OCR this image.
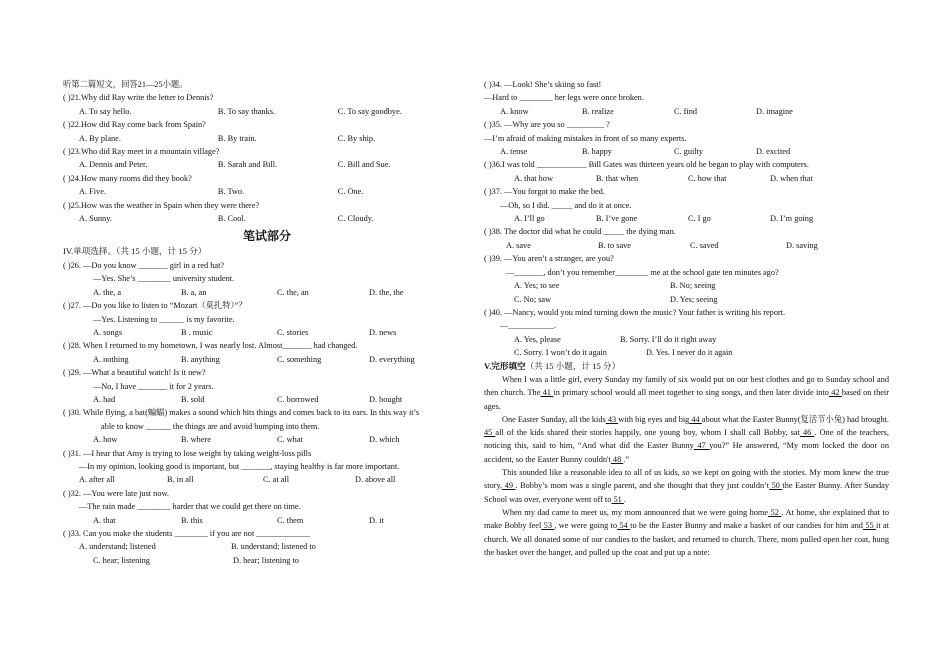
听第二篇短文，回答21—25小题。
( )21.Why did Ray write the letter to Dennis?
A. To say hello.	B. To say thanks.	C. To say goodbye.
( )22.How did Ray come back from Spain?
A. By plane.	B. By train.	C. By ship.
( )23.Who did Ray meet in a mountain village?
A. Dennis and Peter.	B. Sarah and Bill.	C. Bill and Sue.
( )24.How many rooms did they book?
A. Five.	B. Two.	C. One.
( )25.How was the weather in Spain when they were there?
A. Sunny.	B. Cool.	C. Cloudy.
笔试部分
IV.单项选择。（共 15 小题，计 15 分）
( )26. —Do you know _______ girl in a red hat?
—Yes. She’s ________ university student.
A. the, a	B. a, an	C. the, an	D. the, the
( )27. —Do you like to listen to “Mozart（莫扎特）”？
—Yes. Listening to ______ is my favorite.
A. songs	B . music	C. stories	D. news
( )28. When I returned to my hometown, I was nearly lost. Almost_______ had changed.
A. nothing	B. anything	C. something	D. everything
( )29. —What a beautiful watch! Is it new?
—No, I have _______ it for 2 years.
A. had	B. sold	C. borrowed	D. bought
( )30. While flying, a bat(蝙蝠) makes a sound which hits things and comes back to its ears. In this way it’s
able to know ______ the things are and avoid bumping into them.
A. how	B. where	C. what	D. which
( )31. —I hear that Amy is trying to lose weight by taking weight-loss pills
—In my opinion, looking good is important, but _______, staying healthy is far more important.
A. after all	B. in all	C. at all	D. above all
( )32. —You were late just now.
—The rain made ________ harder that we could get there on time.
A. that	B. this	C. them	D. it
( )33. Can you make the students ________ if you are not _____________
A. understand; listened	B. understand; listened to
C. hear; listening	D. hear; listening to
( )34. —Look! She’s skiing so fast!
—Hard to ________ her legs were once broken.
A. know	B. realize	C. find	D. imagine
( )35. —Why are you so _________ ?
—I’m afraid of making mistakes in front of so many experts.
A. tense	B. happy	C. guilty	D. excited
( )36.I was told ____________ Bill Gates was thirteen years old he began to play with computers.
A. that how	B. that when	C. how that	D. when that
( )37. —You forgot to make the bed.
—Oh, so I did. _____ and do it at once.
A. I’ll go	B. I’ve gone	C. I go	D. I’m going
( )38. The doctor did what he could _____ the dying man.
A. save	B. to save	C. saved	D. saving
( )39. —You aren’t a stranger, are you?
—_______, don’t you remember________ me at the school gate ten minutes ago?
A. Yes; to see	B. No; seeing
C. No; saw	D. Yes; seeing
( )40. —Nancy, would you mind turning down the music? Your father is writing his report.
—___________.
A. Yes, please	B. Sorry. I’ll do it right away
C. Sorry. I won’t do it again	D. Yes. I never do it again
V.完形填空（共 15 小题，计 15 分）
When I was a little girl, every Sunday my family of six would put on our best clothes and go to Sunday school and then church. The 41 in primary school would all meet together to sing songs, and then later divide into 42 based on their ages.
One Easter Sunday, all the kids 43 with big eyes and big 44 about what the Easter Bunny(复活节小兔) had brought. 45 all of the kids shared their stories happily, one young boy, whom I shall call Bobby, sat 46 . One of the teachers, noticing this, said to him, “And what did the Easter Bunny 47 you?” He answered, “My mom locked the door on accident, so the Easter Bunny couldn't 48 .”
This sounded like a reasonable idea to all of us kids, so we kept on going with the stories. My mom knew the true story, 49 . Bobby’s mom was a single parent, and she thought that they just couldn’t 50 the Easter Bunny. After Sunday School was over, everyone went off to 51 .
When my dad came to meet us, my mom announced that we were going home 52 . At home, she explained that to make Bobby feel 53 , we were going to 54 to be the Easter Bunny and make a basket of our candies for him and 55 it at church. We all donated some of our candies to the basket, and returned to church. There, mom pulled open her coat, hung the basket over the hanger, and pulled up the coat and put up a note:
